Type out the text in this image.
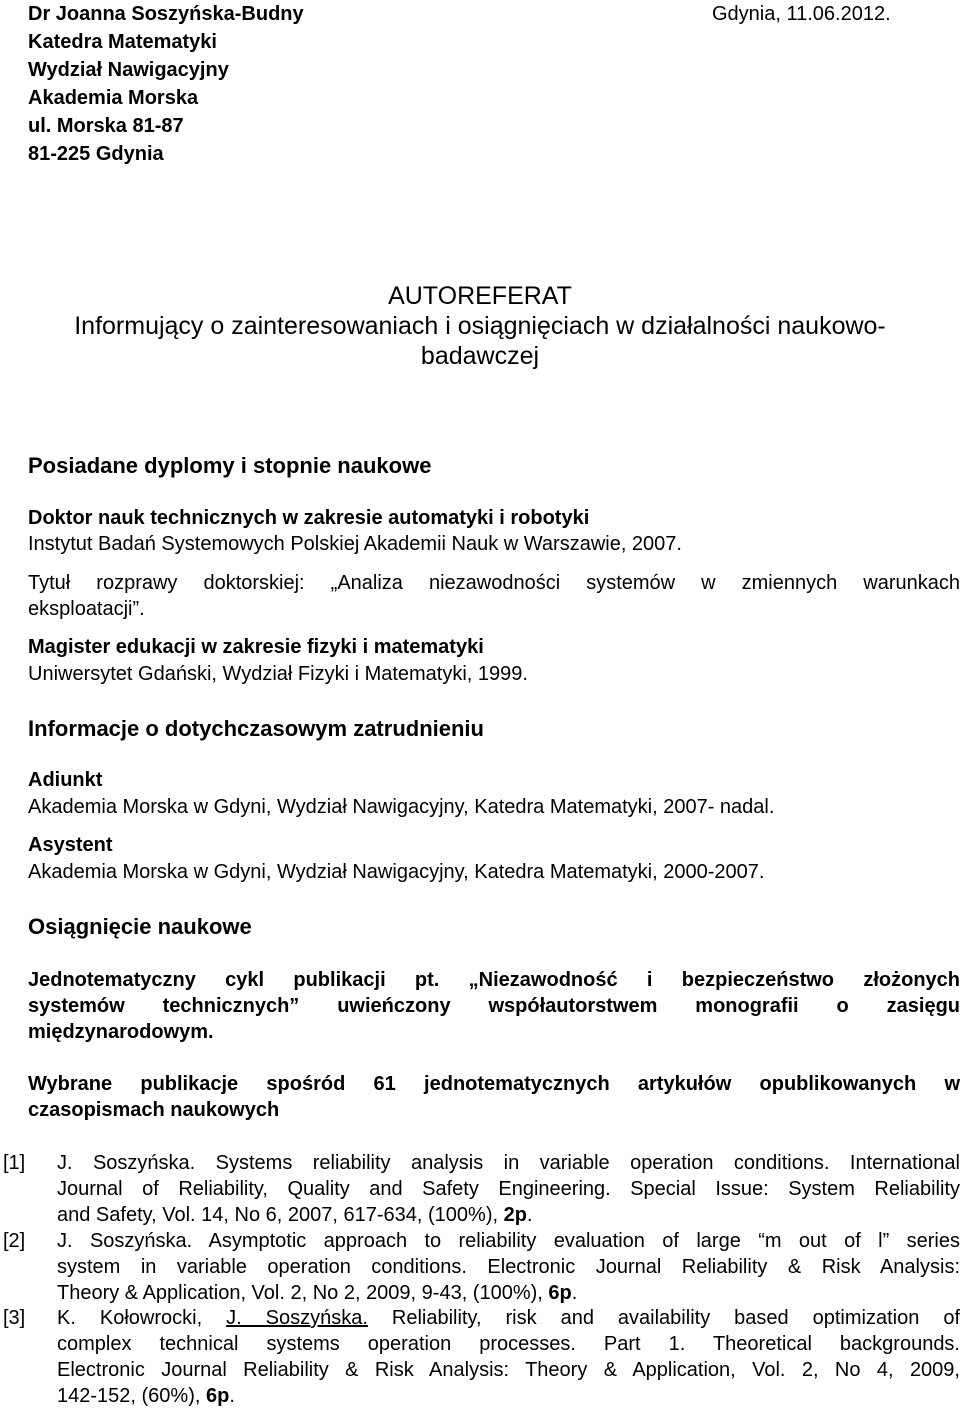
Dr Joanna Soszyńska-Budny
Katedra Matematyki
Wydział Nawigacyjny
Akademia Morska
ul. Morska 81-87
81-225 Gdynia
Gdynia, 11.06.2012.
AUTOREFERAT
Informujący o zainteresowaniach i osiągnięciach w działalności naukowo-
badawczej
Posiadane dyplomy i stopnie naukowe
Doktor nauk technicznych w zakresie automatyki i robotyki
Instytut Badań Systemowych Polskiej Akademii Nauk w Warszawie, 2007.
Tytuł rozprawy doktorskiej: „Analiza niezawodności systemów w zmiennych warunkach
eksploatacji”.
Magister edukacji w zakresie fizyki i matematyki
Uniwersytet Gdański, Wydział Fizyki i Matematyki, 1999.
Informacje o dotychczasowym zatrudnieniu
Adiunkt
Akademia Morska w Gdyni, Wydział Nawigacyjny, Katedra Matematyki, 2007- nadal.
Asystent
Akademia Morska w Gdyni, Wydział Nawigacyjny, Katedra Matematyki, 2000-2007.
Osiągnięcie naukowe
Jednotematyczny cykl publikacji pt. „Niezawodność i bezpieczeństwo złożonych
systemów technicznych” uwieńczony współautorstwem monografii o zasięgu
międzynarodowym.
Wybrane publikacje spośród 61 jednotematycznych artykułów opublikowanych w
czasopismach naukowych
[1] J. Soszyńska. Systems reliability analysis in variable operation conditions. International
Journal of Reliability, Quality and Safety Engineering. Special Issue: System Reliability
and Safety, Vol. 14, No 6, 2007, 617-634, (100%), 2p.
[2] J. Soszyńska. Asymptotic approach to reliability evaluation of large “m out of l” series
system in variable operation conditions. Electronic Journal Reliability & Risk Analysis:
Theory & Application, Vol. 2, No 2, 2009, 9-43, (100%), 6p.
[3] K. Kołowrocki, J. Soszyńska. Reliability, risk and availability based optimization of
complex technical systems operation processes. Part 1. Theoretical backgrounds.
Electronic Journal Reliability & Risk Analysis: Theory & Application, Vol. 2, No 4, 2009,
142-152, (60%), 6p.
